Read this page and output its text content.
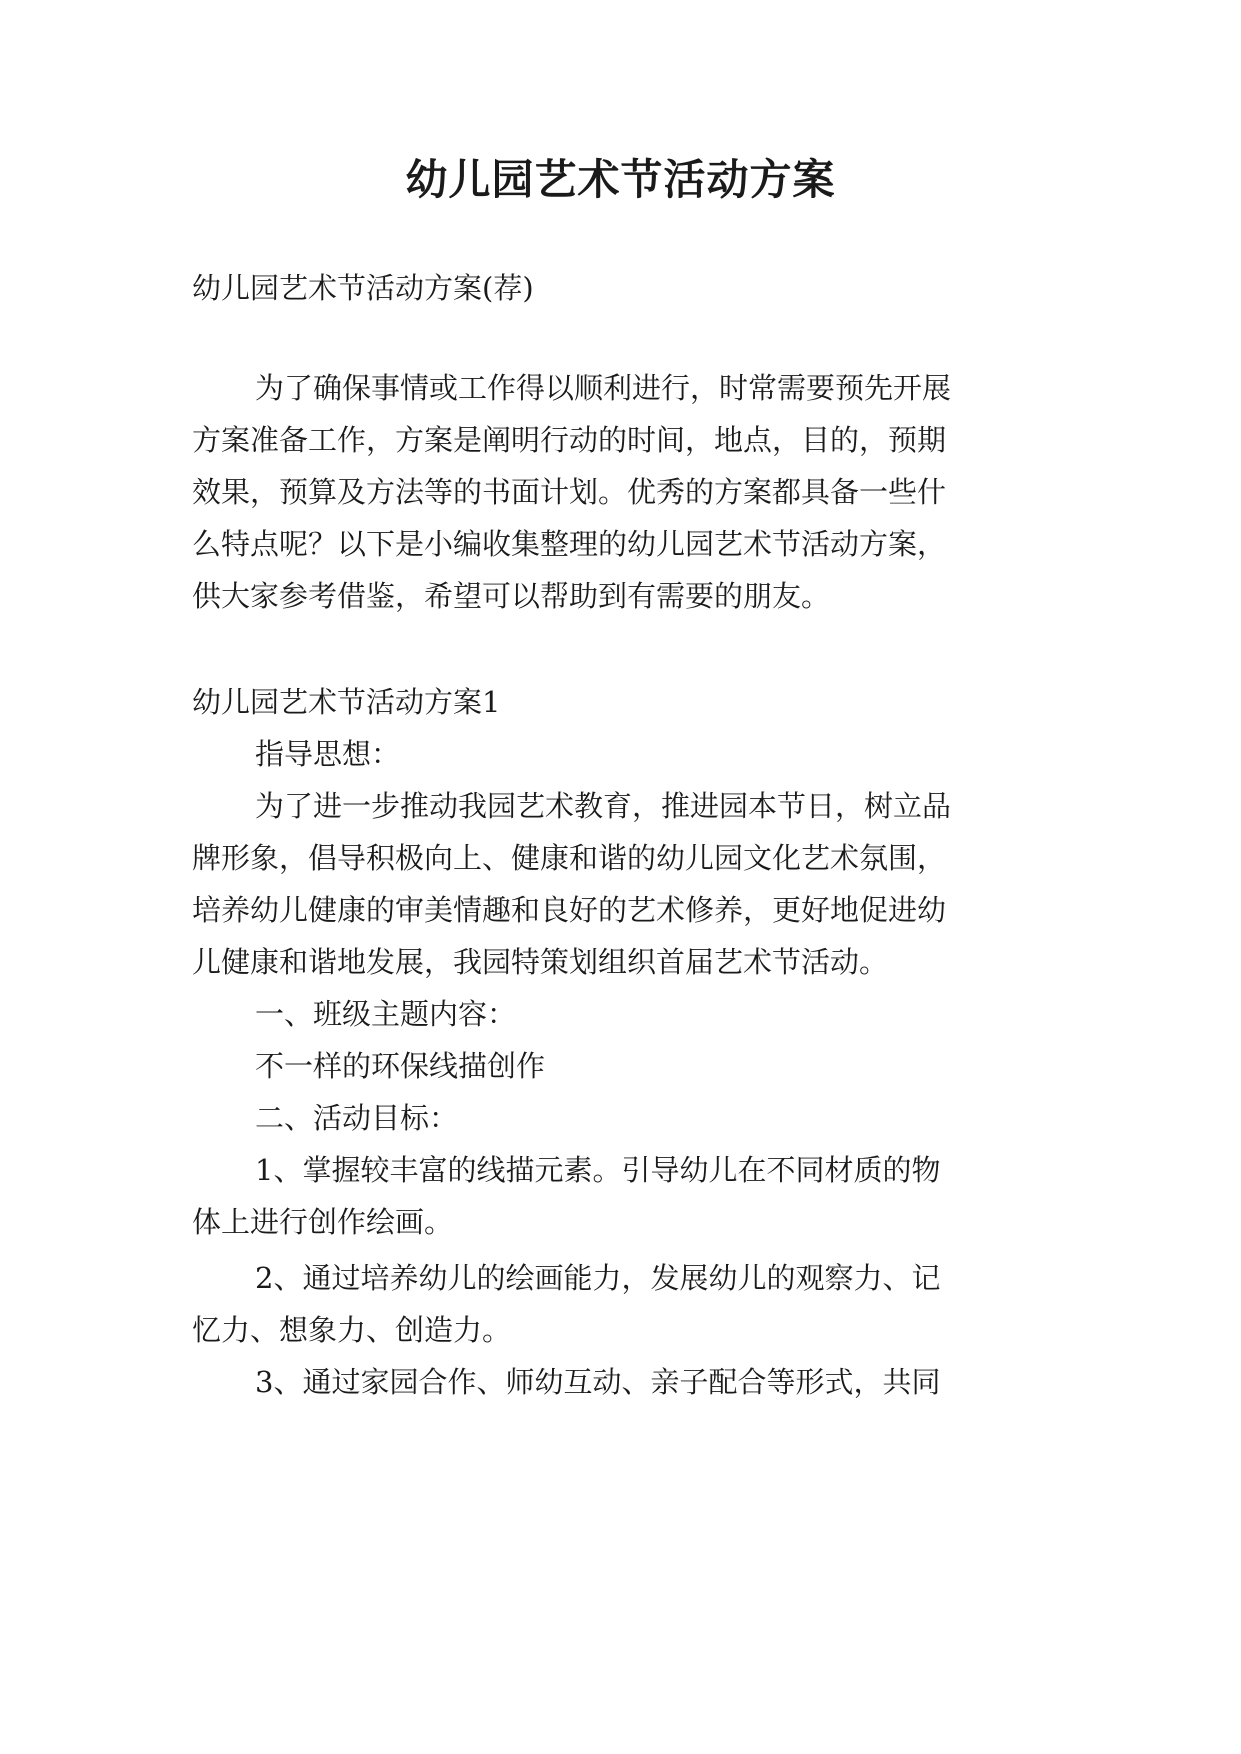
幼儿园艺术节活动方案

幼儿园艺术节活动方案(荐)

为了确保事情或工作得以顺利进行，时常需要预先开展

方案准备工作，方案是阐明行动的时间，地点，目的，预期

效果，预算及方法等的书面计划。优秀的方案都具备一些什

么特点呢？以下是小编收集整理的幼儿园艺术节活动方案，

供大家参考借鉴，希望可以帮助到有需要的朋友。

幼儿园艺术节活动方案1

指导思想：

为了进一步推动我园艺术教育，推进园本节日，树立品

牌形象，倡导积极向上、健康和谐的幼儿园文化艺术氛围，

培养幼儿健康的审美情趣和良好的艺术修养，更好地促进幼

儿健康和谐地发展，我园特策划组织首届艺术节活动。

一、班级主题内容：

不一样的环保线描创作

二、活动目标：

1、掌握较丰富的线描元素。引导幼儿在不同材质的物

体上进行创作绘画。

2、通过培养幼儿的绘画能力，发展幼儿的观察力、记

忆力、想象力、创造力。

3、通过家园合作、师幼互动、亲子配合等形式，共同
